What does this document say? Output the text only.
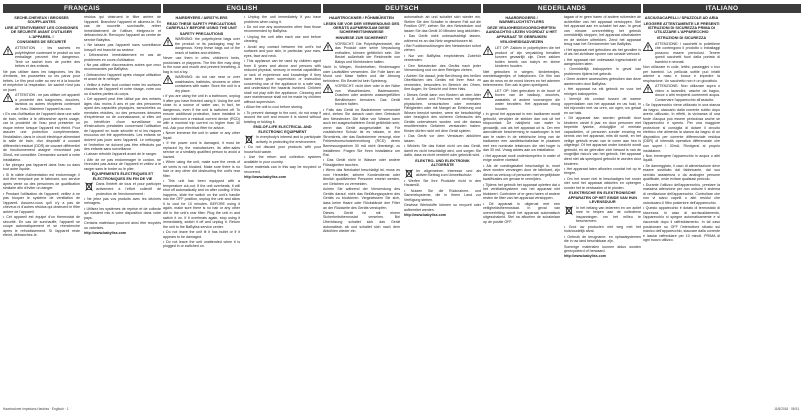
FRANÇAIS
SECHE-CHEVEUX / BROSSES SOUFFLANTES
LIRE ATTENTIVEMENT LES CONSIGNES DE SÉCURITÉ AVANT D'UTILISER L'APPAREIL !
CONSIGNES DE SÉCURITÉ
ATTENTION : les sachets en polyéthylène contenant le produit ou son emballage peuvent être dangereux. Tenir ce sachet hors de portée des bébés et des enfants.

Ne pas utiliser dans les baignoires, les lits d'enfants, les poussettes ou les parcs pour bébés. Le film peut coller au nez et à la bouche et empêcher la respiration. Un sachet n'est pas un jouet.

ATTENTION : ne pas utiliser cet appareil à proximité des baignoires, douches, lavabos ou autres récipients contenant de l'eau. Maintenir l'appareil au sec.

• En cas d'utilisation de l'appareil dans une salle de bain, veillez à le débrancher après usage, car la proximité de l'eau peut présenter un risque même lorsque l'appareil est éteint. Pour assurer une protection complémentaire, l'installation, dans le circuit électrique alimentant la salle de bain, d'un dispositif à courant différentiel résiduel (DDR) de courant différentiel de fonctionnement assigné n'excédant pas 30mA, est conseillée. Demandez conseil à votre installateur.

• Ne plongez pas l'appareil dans l'eau ou dans tout autre liquide.

• Si le câble d'alimentation est endommagé, il doit être remplacé par le fabricant, son service après vente ou des personnes de qualification similaire afin d'éviter un danger.

• Pendant l'utilisation de l'appareil, veillez à ne pas bloquer le système de ventilation de l'appareil. Assurez-vous qu'il n'y a pas de cheveux ni d'autres résidus qui obstruent le filtre arrière de l'appareil.

• Cet appareil est équipé d'un thermostat de sécurité. En cas de surchauffe, l'appareil se coupe automatiquement et se réenclenche après le refroidissement. Si l'appareil reste éteint, débranchez-le.

résidus qui obstruent le filtre arrière de l'appareil. Branchez l'appareil et allumez-le. En cas de nouvelle surchauffe, retirer immédiatement de l'utiliser, éteignez-le et débranchez-le. Renvoyez l'appareil au centre de service Babyliss.

• Ne laissez pas l'appareil sans surveillance lorsqu'il est branché au secteur.

• Débranchez immédiatement en cas de problèmes en cours d'utilisation.

• Ne pas utiliser d'accessoires autres que ceux recommandés par BaByliss.

• Débranchez l'appareil après chaque utilisation et avant de le nettoyer.

• Veillez à éviter tout contact entre les surfaces chaudes de l'appareil et votre visage, votre cou ou d'autres parties du corps.

• Cet appareil peut être utilisé par des enfants âgés d'au moins 8 ans et par des personnes ayant des capacités physiques, sensorielles ou mentales réduites, ou des personnes dénuées d'expérience ou de connaissance, si elles ont pu bénéficier d'une surveillance ou d'instructions préalables concernant l'utilisation de l'appareil en toute sécurité et si les risques encourus ont été appréhendés. Les enfants ne doivent pas jouer avec l'appareil. Le nettoyage et l'entretien ne doivent pas être effectués par des enfants sans surveillance.

• Laisser refroidir l'appareil avant de le ranger.

• Afin de ne pas endommager le cordon, ne l'enroulez pas autour de l'appareil et veillez à le ranger sans le tordre ou le plier.

ÉQUIPEMENTS ÉLECTRIQUES ET ÉLECTRONIQUES EN FIN DE VIE
Dans l'intérêt de tous et pour participer activement à l'effort collectif de protection de l'environnement :

• Ne jetez pas vos produits avec les déchets ménagers.

• Utilisez les systèmes de reprise et de collecte qui existent mis à votre disposition dans votre pays.

Certains matériaux pourront ainsi être recyclés ou valorisés.

http://www.babyliss.com

ENGLISH
HAIRDRYERS / AIRSTYLERS
READ THESE SAFETY PRECAUTIONS CAREFULLY BEFORE USING THE UNIT
SAFETY PRECAUTIONS
WARNING: the polyethylene bags over the product or its packaging may be dangerous. Keep these bags out of the reach of babies and children.

Never use them in cribs, children's beds, pushchairs or playpens. The thin film may cling to the nose and mouth and prevent breathing. A bag is not a toy.

WARNING: do not use near or over washbasins, bathtubs, showers or other containers with water. Store the unit in a dry place.

• If you are using the unit in a bathroom, unplug it after you have finished using it. Using the unit close to a source of water can, in fact, be dangerous, even if the unit is switched off. To ensure additional protection, have installed in your bathroom a residual current device (RCD) with a nominal trip current no higher than 30 mA. Ask your electrical fitter for advice.

• Never immerse the unit in water or any other liquid.

• If the power cord is damaged, it must be replaced by the manufacturer, its after-sales service or a similarly qualified person to avoid a hazard.

• When using the unit, make sure the vents of air vents is not blocked. Make sure there is no hair or any other dirt obstructing the unit's rear filter.

• This unit has been equipped with a temperature cut-out. If the unit overheats, it will shut off automatically and on after cooling. If this happens, slide the switch on the unit's handle into the OFF position, unplug the unit and allow it to cool for 10 minutes. BEFORE using it again, make sure there is no hair or any other dirt in the unit's rear filter. Plug the unit in and switch it on. If it overheats again, stop using it immediately, switch it off and unplug it. Return the unit to the BaByliss service center.

• Do not leave the unit lit it has bullet or if it appears to be damaged.

• Do not leave the unit unattended when it is plugged in or switched on.

• Unplug the unit immediately if you have problems when using it.

• Do not use any accessories other than those recommended by BaByliss.

• Unplug the unit after each use and before cleaning.

• Avoid any contact between the unit's hot surfaces and your skin, in particular, your ears, eyes, face and neck.

• This appliance can be used by children aged from 8 years and above and persons with reduced physical, sensory or mental capabilities or lack of experience and knowledge if they have been given supervision or instruction concerning use of the appliance in a safe way and understand the hazards involved. Children shall not play with the appliance. Cleaning and user maintenance shall not be made by children without supervision.

• Allow the unit to cool before storing.

• To prevent damage to the cord, do not wrap it around the unit and ensure it is stored without twisting or folding it.

END-OF-LIFE ELECTRICAL AND ELECTRONIC EQUIPMENT
In everybody's interest and to participate actively in protecting the environment:

• Do not discard your products with your household waste.

• Use the return and collection systems available in your country.

Some materials can in this way be recycled or recovered.

http://www.babyliss.com

DEUTSCH
HAARTROCKNER / FÖHNBÜRSTEN
LESEN SIE VOR DER VERWENDUNG DES GERÄTS AUFMERKSAM DIESE SICHERHEITSHINWEISE
HINWEISE ZUR SICHERHEIT
VORSICHT: Die Polyethylenbeutel, die das Produkt oder seine Verpackung enthalten, können gefährlich sein. Die Beutel außerhalb der Reichweite von Babys und Kleinkindern halten.

Nicht in Wiegen, Kinderbetten, Kinderwagen oder Laufställen verwenden. Die Folie kann an Mund und Nase haften und die Atmung behindern. Ein Beutel ist kein Spielzeug.

VORSICHT: nicht über oder in der Nähe von Waschbecken, Badewannen, Duschen oder anderen wassergefüllten Behältnissen benutzen. Das Gerät trocken halten.

• Falls das Gerät im Badezimmer verwendet wird, ziehen Sie danach nach dem Gebrauch den Netzstecker. Die Nähe von Wasser kann auch bei ausgeschaltetem Gerät gefährlich sein; wenn das Gerät ausgeschaltet ist. Für zusätzlichen Schutz ist es ratsam, in den Stromkreis, der das Badezimmer versorgt, eine Fehlerstromschutzeinrichtung (RCD) deren Bemessungsstrom 30 mA nicht übersteigt, zu installieren. Fragen Sie Ihren Installateur um Rat.

• Das Gerät nicht in Wasser oder andere Flüssigkeiten tauchen.

• Wenn das Netzkabel beschädigt ist, muss es vom Hersteller, seinem Kundendienst oder ähnlich qualifizierten Personen ersetzt werden, um Gefahren zu vermeiden.

Achten Sie während der Verwendung des Geräts darauf, nicht das Belüftungssystem des Geräts zu blockieren. Vergewissern Sie sich, dass keine Haare oder Rückstände den Filter an der Rückseite des Geräts verstopfen.

Dieses Gerät ist mit einem Sicherheitsthermostat versehen. Bei Überhitzung schaltet sich das Gerät automatisch ab und schaltet sich nach dem Abkühlen wieder ein.

automatisch ab und schaltet sich wieder ein. Stellen Sie den Schalter in diesem Fall auf die Position OFF, ziehen Sie den Netzstecker und lassen Sie das Gerät 10 Minuten lang abkühlen.

• Das Gerät nicht unbeaufsichtigt lassen, während es an das Netz angeschlossen ist.

• Bei Funktionsstörungen den Netzstecker sofort ziehen.

• Nur von BaByliss empfohlenes Zubehör verwenden.

• Den Netzstecker des Geräts nach jeder Verwendung und vor dem Reinigen ziehen.

• Achten Sie darauf, jede Berührung des heißen Oberflächen des Geräts mit Ihrer Haut zu vermeiden, besonders im Bereich der Ohren, Ihre Augen, Ihr Gesicht und Ihren Hals.

• Dieses Gerät kann von Kindern ab dem Alter von 8 Jahren und Personen mit verringerten physischen, sensorischen oder mentalen Fähigkeiten oder mit Mangel an Erfahrung und Wissen benutzt werden, wenn sie beaufsichtigt oder bezüglich des sicheren Gebrauchs des Geräts unterwiesen wurden und die daraus resultierenden Gefahren verstanden haben. Kinder dürfen nicht mit dem Gerät spielen.

• Das Gerät vor dem Verstauen abkühlen lassen.

• Wickeln Sie das Kabel nicht um das Gerät, damit es nicht beschädigt wird, und sorgen Sie dafür, dass es nicht verdreht oder geknickt wird.

ELEKTRO- UND ELEKTRONIK ALTGERÄTE
Im allgemeinen Interesse und als aktiven Beitrag zum Umweltschutz:

• Werfen Sie Ihre Produkte nicht in den Hausmüll.

• Nutzen Sie die Rücknahme- und Sammelsysteme, die in Ihrem Land zur Verfügung stehen.

Gewisse Werkstoffe können so recycelt oder aufbereitet werden.

http://www.babyliss.com

NEDERLANDS
HAARDROGERS / WARMELUCHTSTYLERS
DEZE VEILIGHEIDSVOORSCHRIFTEN AANDACHTIG LEZEN VOORDAT U HET APPARAAT TE GEBRUIKEN
VEILIGHEIDSADVIEZEN
LET OP: Zakken in polyethyleen die het product of zijn verpakking bevatten kunnen gevaarlijk zijn. Deze zakken buiten bereik van baby's en kleine kinderen houden.

Niet gebruiken in wiegen, kinderbedjes, wandelwagentjes of babyboxen. De film kan aan de neus en de mond kleven en het ademen belemmeren. Een zak is geen speelgoed.

LET OP: Niet gebruiken in de buurt of boven van de badkuip, douches, wastafels of andere voorwerpen die water bevatten. Het apparaat droog houden.

• In geval het apparaat in een badkamer wordt gebruikt, verwijder de stekker dan ook uit het stopcontact. De nabijheid van water is gevaarlijk, ook als het apparaat uit is. Om een aanvullende bescherming te waarborgen is het aan te raden in de elektrische kring van de badkamer een aardlekschakelaar te plaatsen met een nominale lekstroom die niet hoger is dan 30 mA. Vraag advies aan uw installateur.

• Het apparaat nooit onderdompelen in water of enige andere vloeistof.

• Als de voedingskabel beschadigd is, moet deze worden vervangen door de fabrikant, zijn dienst na verkoop of personen met vergelijkbare kwalificaties om gevaar te vermijden.

• Tijdens het gebruik het apparaat opletten dat u het ventilatiesysteem van het apparaat niet blokkeert. Controleer of er geen haren of andere resten de filter van het apparaat verstoppen.

• Dit apparaat is uitgerust met een veiligheidsthermostaat. In geval van oververhitting wordt het apparaat automatisch uitgeschakeld. Stel na afkoelen de schakelaar op de positie OFF.

tagaar of er geen haren of andere ruikresten de achterfilter van het apparaat verstoppen. Stel het apparaat aan en schakel het aan. In geval van nieuwe oververhitting het gebruik onmiddellijk stoppen, het apparaat uitschakelen en de stekker uittrekken. Zend het apparaat terug naar het Servicecenter van BaByliss.

• Het apparaat niet gebruiken als het gevallen is of als het zichtbare sporen van schade vertoont.

• Het apparaat niet onbewaakt ingeschakeld of aangesloten laten.

• Onmiddellijk loskoppelen in geval van problemen tijdens het gebruik.

• Geen andere accessoires gebruiken dan deze aanbevolen door BaByliss.

• Het apparaat na elk gebruik en voor het reinigen loskoppelen.

• Vermijd elk contact tussen de warme oppervlakken van het apparaat en uw huid, in het bijzonder met uw oren, uw ogen, uw gelaat en uw hals.

• Dit apparaat kan worden gebruikt door kinderen vanaf 8 jaar en door personen met beperkte fysieke, zintuiglijke of mentale capaciteiten, of personen zonder ervaring en kennis van het apparaat, mits dit wordt, en het veilige gebruik ervan van te voren aan hen is uitgelegd. Of het apparaat onder toezicht wordt gebruikt, en de gebruiker zich bewust is van de mogelijke risico's van het gebruik. Het apparaat dient niet als speelgoed gebruikt te worden door kinderen.

• Het apparaat laten afkoelen voordat het op te bergen.

• Om het snoer niet te beschadigen het snoer niet rond het apparaat wikkelen en opbergen zonder het te verdraaien of te plooien.

ELEKTRISCHE EN ELEKTRONISCHE APPARATEN OP HET EINDE VAN HUN LEVENSDUUR
In het belang van iedereen en om actief mee te helpen aan de collectieve inspanningen om het milieu te beschermen:

• Gooi uw producten niet weg met het huishoudelijk afval.

• Gebruik de terugname- en ophaalsystemen die in uw land beschikbaar zijn.

Sommige materialen kunnen aldus worden gerecycleerd of herwaard.

http://www.babyliss.com

ITALIANO
ASCIUGACAPELLI / SPAZZOLE AD ARIA
LEGGERE ATTENTAMENTE LE PRESENTI ISTRUZIONI DI SICUREZZA PRIMA DI UTILIZZARE L'APPARECCHIO
ISTRUZIONI DI SICUREZZA
ATTENZIONE: i sacchetti in polietilene che contengono il prodotto o imballaggi possono essere pericolosi. Tenere questi sacchetti fuori dalla portata di bambini e neonati.

Non utilizzare in culle, lettini, passeggini o box per bambini. La pellicola sottile può infatti aderire a naso e bocca e impedire la respirazione. Un sacchetto non è un giocattolo.

ATTENZIONE: Non utilizzare sopra o vicino a lavandini, vasche da bagno, docce o altri recipienti contenenti acqua. Conservare l'apparecchio all'asciutto.

• Se l'apparecchio viene utilizzato in una stanza da bagno, staccarlo dalla corrente subito dopo averlo utilizzato. In effetti, la vicinanza di una fonte d'acqua può essere pericolosa anche se l'apparecchio è spento. Per una maggiore protezione si consiglia di dotare il circuito elettrico che alimenta la stanza da bagno di un dispositivo per corrente differenziale residua (DDR) di intensità operativa differenziale che non superi i 30mA. Rivolgersi al proprio installatore.

• Non immergere l'apparecchio in acqua o altri liquidi.

• Se danneggiato, il cavo di alimentazione deve essere sostituito dal fabbricante, dal suo servizio assistenza o da analoghe persone qualificate, onde evitare qualsiasi pericolo.

• Durante l'utilizzo dell'apparecchio, prestare la massima attenzione per non ostruire il sistema di ventilazione dell'apparecchio. Controllare che non vi siano capelli o altri residui che ostruiscano il filtro posteriore dell'apparecchio.

• Questo apparecchio è dotato di termostato di sicurezza. In caso di surriscaldamento, l'apparecchio si spegne automaticamente e si riaccende dopo il raffreddamento. In tal caso posizionare su OFF l'interruttore situato sul manico dell'apparecchio, staccare dalla corrente e lasciar raffreddare per 10 minuti. PRIMA di ogni nuovo utilizzo.

Haartrockner Impedanz-Hautriss · Englisch · 1	11/8/2016 · 08:51
